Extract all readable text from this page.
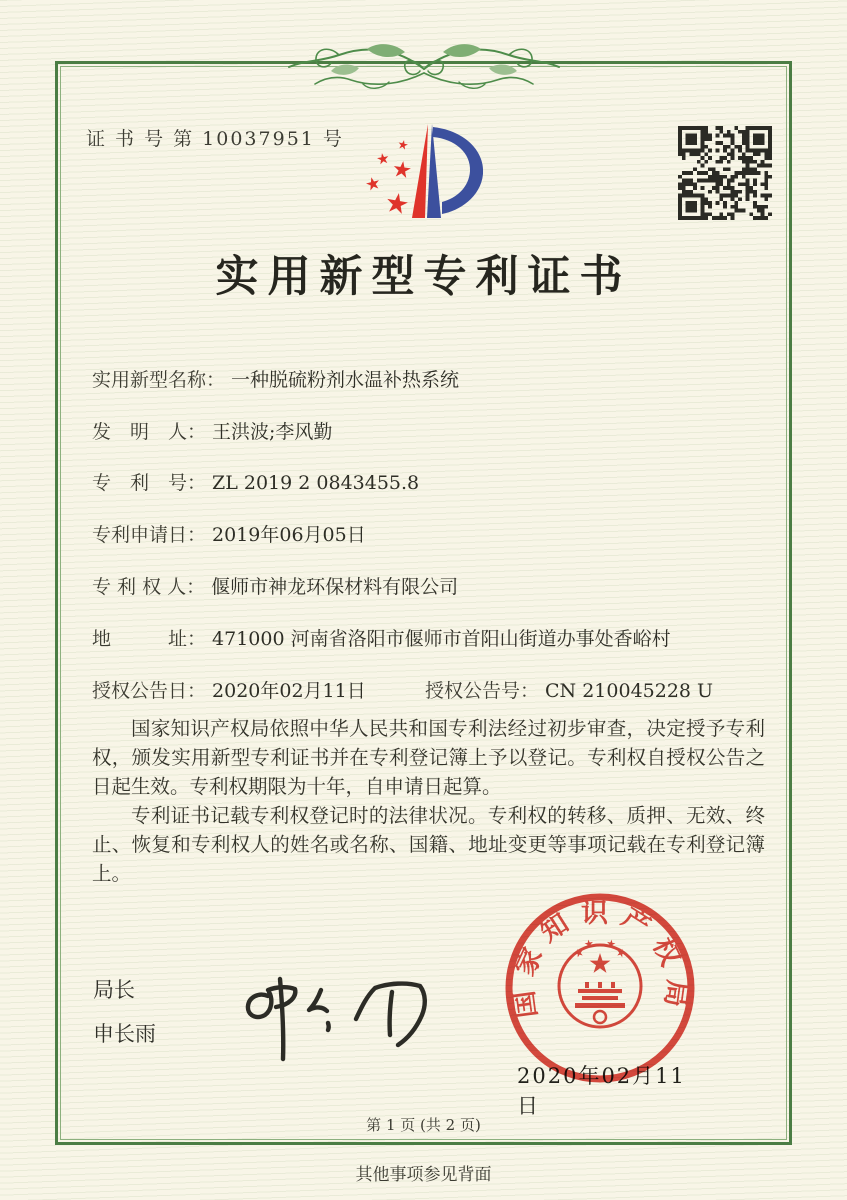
证 书 号 第 10037951 号
实用新型专利证书
实用新型名称： 一种脱硫粉剂水温补热系统
发　明　人： 王洪波;李风勤
专　利　号： ZL 2019 2 0843455.8
专利申请日： 2019年06月05日
专 利 权 人： 偃师市神龙环保材料有限公司
地　　　址： 471000 河南省洛阳市偃师市首阳山街道办事处香峪村
授权公告日： 2020年02月11日	授权公告号： CN 210045228 U

国家知识产权局依照中华人民共和国专利法经过初步审查，决定授予专利权，颁发实用新型专利证书并在专利登记簿上予以登记。专利权自授权公告之日起生效。专利权期限为十年，自申请日起算。

专利证书记载专利权登记时的法律状况。专利权的转移、质押、无效、终止、恢复和专利权人的姓名或名称、国籍、地址变更等事项记载在专利登记簿上。

局长
申长雨
国家知识产权局
2020年02月11日
第 1 页 (共 2 页)
其他事项参见背面
